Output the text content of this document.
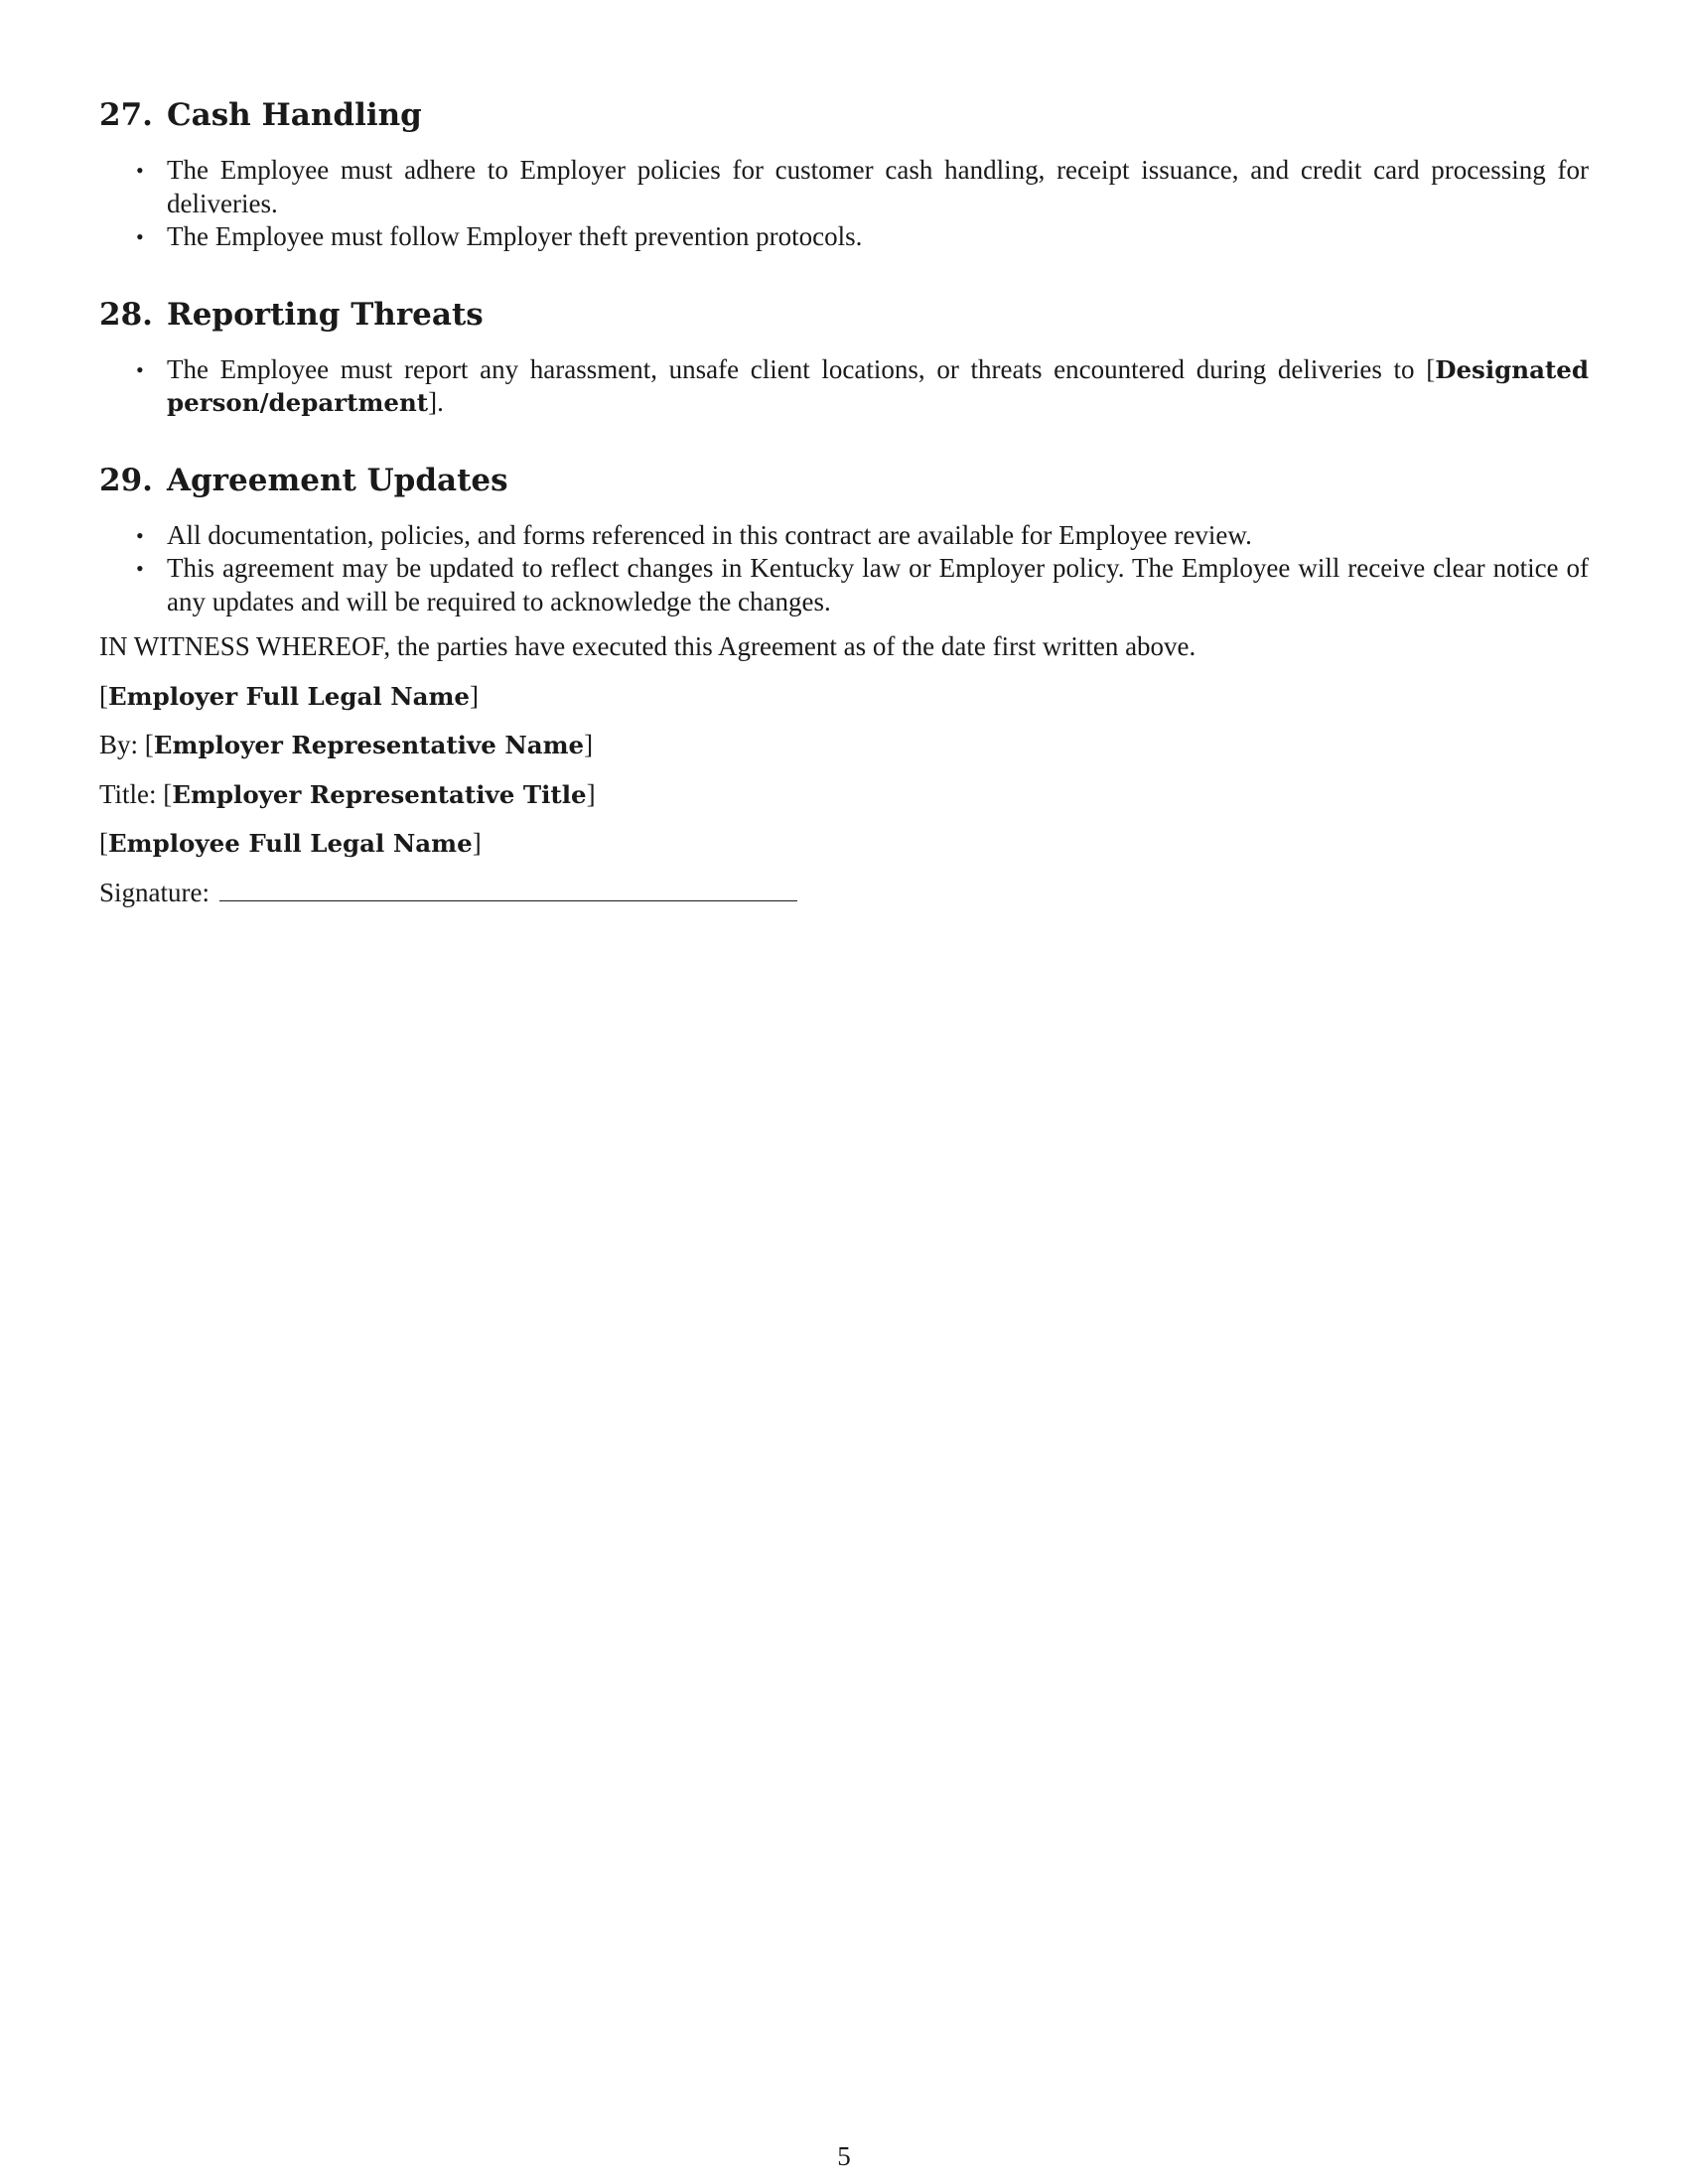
27. Cash Handling
• The Employee must adhere to Employer policies for customer cash handling, receipt issuance, and credit card processing for deliveries.
• The Employee must follow Employer theft prevention protocols.
28. Reporting Threats
• The Employee must report any harassment, unsafe client locations, or threats encountered during deliveries to [Designated person/department].
29. Agreement Updates
• All documentation, policies, and forms referenced in this contract are available for Employee review.
• This agreement may be updated to reflect changes in Kentucky law or Employer policy. The Employee will receive clear notice of any updates and will be required to acknowledge the changes.

IN WITNESS WHEREOF, the parties have executed this Agreement as of the date first written above.

[Employer Full Legal Name]

By: [Employer Representative Name]

Title: [Employer Representative Title]

[Employee Full Legal Name]

Signature:

5
